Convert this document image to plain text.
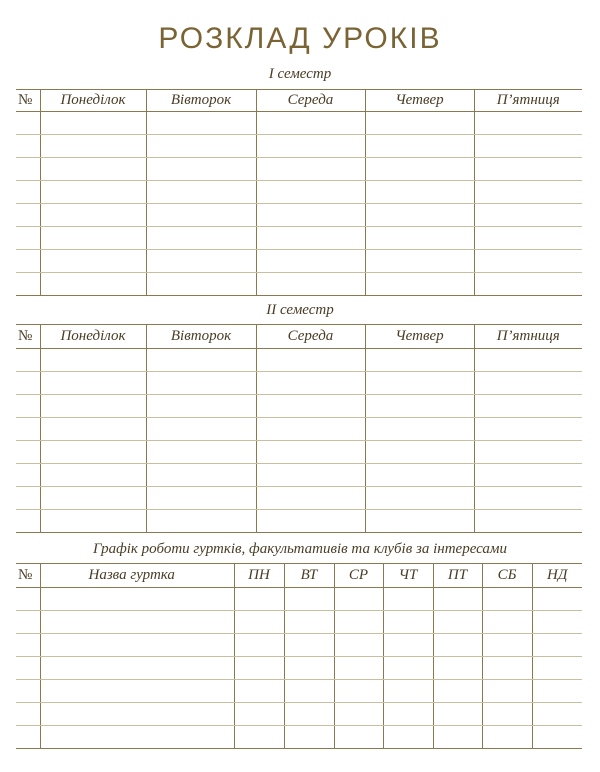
РОЗКЛАД УРОКІВ
І семестр
№	Понеділок	Вівторок	Середа	Четвер	П’ятниця

ІІ семестр
№	Понеділок	Вівторок	Середа	Четвер	П’ятниця

Графік роботи гуртків, факультативів та клубів за інтересами
№	Назва гуртка	ПН	ВТ	СР	ЧТ	ПТ	СБ	НД
